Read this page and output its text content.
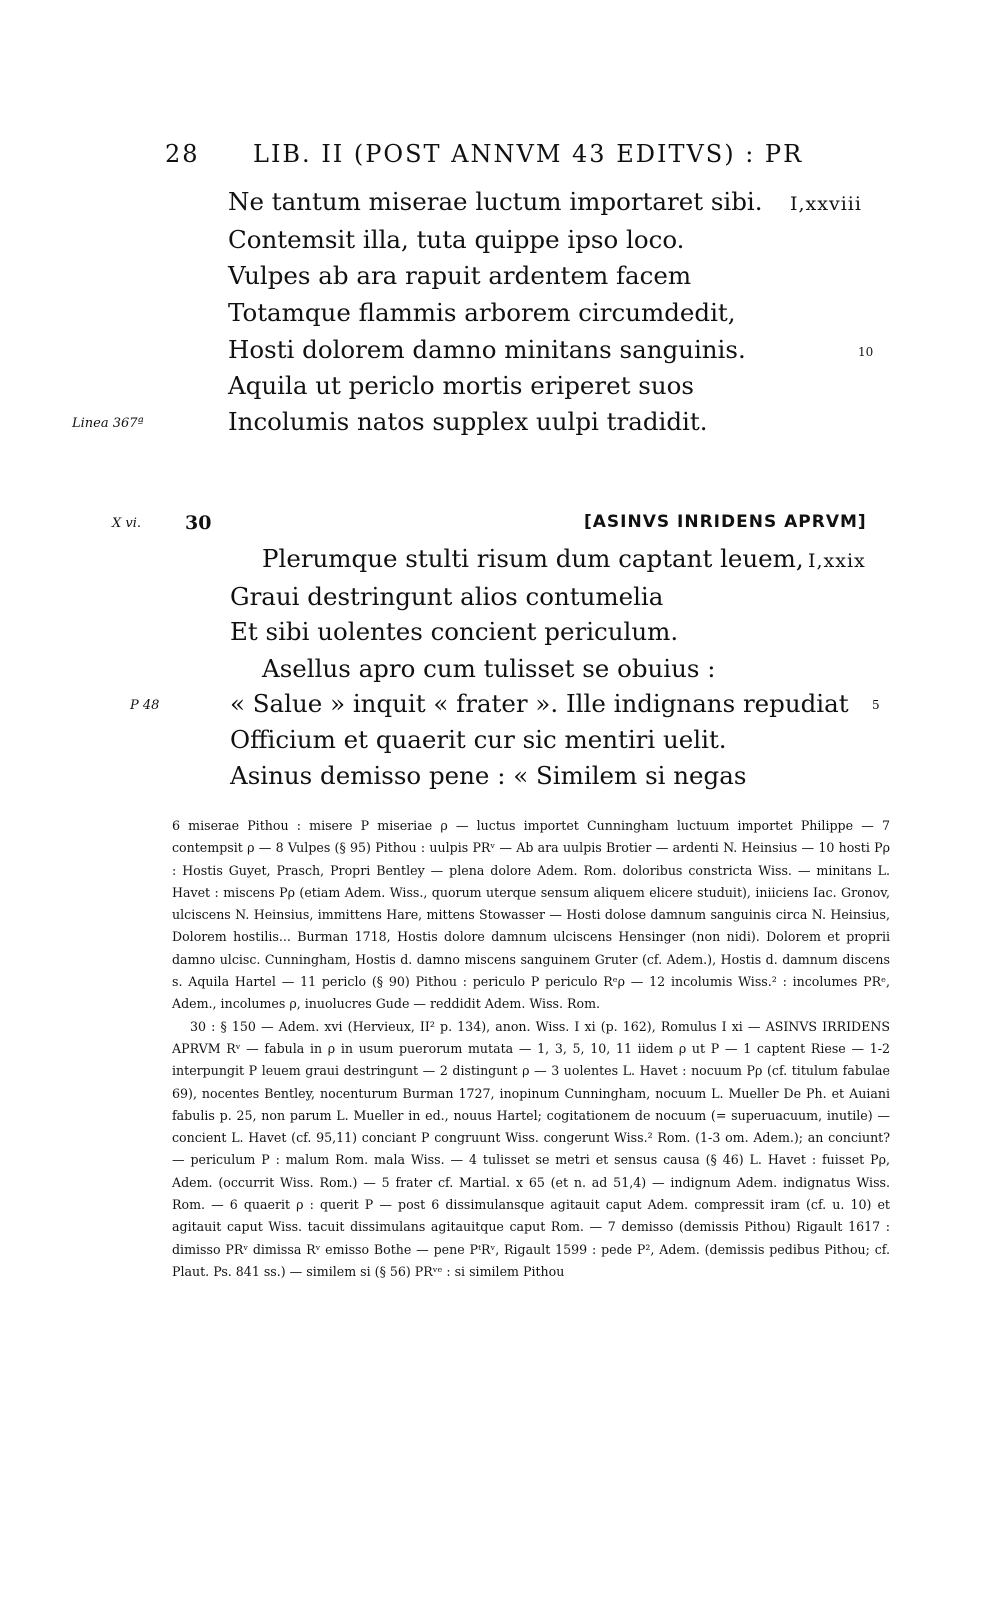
28 LIB. II (POST ANNVM 43 EDITVS) : PR
Ne tantum miserae luctum importaret sibi.
Contemsit illa, tuta quippe ipso loco.
Vulpes ab ara rapuit ardentem facem
Totamque flammis arborem circumdedit,
Hosti dolorem damno minitans sanguinis.
Aquila ut periclo mortis eriperet suos
Incolumis natos supplex uulpi tradidit.
I,xxviii
10
Linea 367ª
X vi. 30	[ASINVS INRIDENS APRVM]
Plerumque stulti risum dum captant leuem,
Graui destringunt alios contumelia
Et sibi uolentes concient periculum.
Asellus apro cum tulisset se obuius :
« Salue » inquit « frater ». Ille indignans repudiat
Officium et quaerit cur sic mentiri uelit.
Asinus demisso pene : « Similem si negas
I,xxix
5
P 48

6 miserae Pithou : misere P miseriae ρ — luctus importet Cunningham luctuum importet Philippe — 7 contempsit ρ — 8 Vulpes (§ 95) Pithou : uulpis PRᵛ — Ab ara uulpis Brotier — ardenti N. Heinsius — 10 hosti Pρ : Hostis Guyet, Prasch, Propri Bentley — plena dolore Adem. Rom. doloribus constricta Wiss. — minitans L. Havet : miscens Pρ (etiam Adem. Wiss., quorum uterque sensum aliquem elicere studuit), iniiciens Iac. Gronov, ulciscens N. Heinsius, immittens Hare, mittens Stowasser — Hosti dolose damnum sanguinis circa N. Heinsius, Dolorem hostilis... Burman 1718, Hostis dolore damnum ulciscens Hensinger (non nidi). Dolorem et proprii damno ulcisc. Cunningham, Hostis d. damno miscens sanguinem Gruter (cf. Adem.), Hostis d. damnum discens s. Aquila Hartel — 11 periclo (§ 90) Pithou : periculo P periculo Rᵉρ — 12 incolumis Wiss.² : incolumes PRᵉ, Adem., incolumes ρ, inuolucres Gude — reddidit Adem. Wiss. Rom.

30 : § 150 — Adem. xvi (Hervieux, II² p. 134), anon. Wiss. I xi (p. 162), Romulus I xi — ASINVS IRRIDENS APRVM Rᵛ — fabula in ρ in usum puerorum mutata — 1, 3, 5, 10, 11 iidem ρ ut P — 1 captent Riese — 1-2 interpungit P leuem graui destringunt — 2 distingunt ρ — 3 uolentes L. Havet : nocuum Pρ (cf. titulum fabulae 69), nocentes Bentley, nocenturum Burman 1727, inopinum Cunningham, nocuum L. Mueller De Ph. et Auiani fabulis p. 25, non parum L. Mueller in ed., nouus Hartel; cogitationem de nocuum (= superuacuum, inutile) — concient L. Havet (cf. 95,11) conciant P congruunt Wiss. congerunt Wiss.² Rom. (1-3 om. Adem.); an conciunt? — periculum P : malum Rom. mala Wiss. — 4 tulisset se metri et sensus causa (§ 46) L. Havet : fuisset Pρ, Adem. (occurrit Wiss. Rom.) — 5 frater cf. Martial. x 65 (et n. ad 51,4) — indignum Adem. indignatus Wiss. Rom. — 6 quaerit ρ : querit P — post 6 dissimulansque agitauit caput Adem. compressit iram (cf. u. 10) et agitauit caput Wiss. tacuit dissimulans agitauitque caput Rom. — 7 demisso (demissis Pithou) Rigault 1617 : dimisso PRᵛ dimissa Rᵛ emisso Bothe — pene PᵗRᵛ, Rigault 1599 : pede P², Adem. (demissis pedibus Pithou; cf. Plaut. Ps. 841 ss.) — similem si (§ 56) PRᵛᵉ : si similem Pithou
